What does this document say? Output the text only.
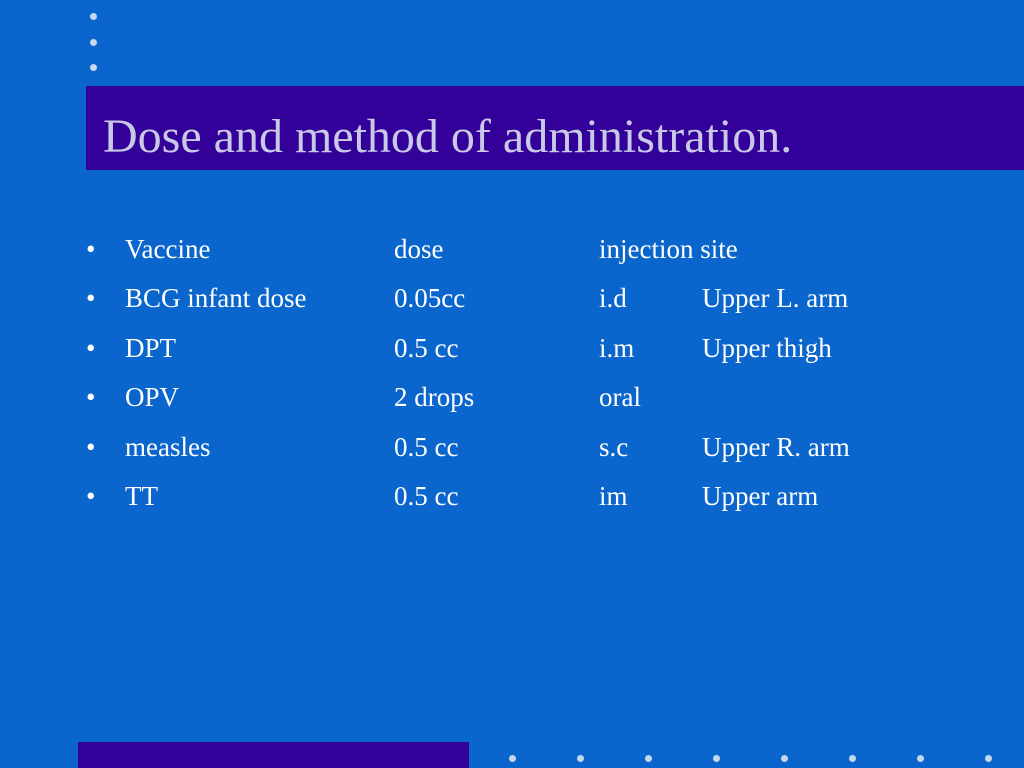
Dose and method of administration.
• Vaccine	dose	injection site
• BCG infant dose	0.05cc	i.d	Upper L. arm
• DPT	0.5 cc	i.m	Upper thigh
• OPV	2 drops	oral
• measles	0.5 cc	s.c	Upper R. arm
• TT	0.5 cc	im	Upper arm
